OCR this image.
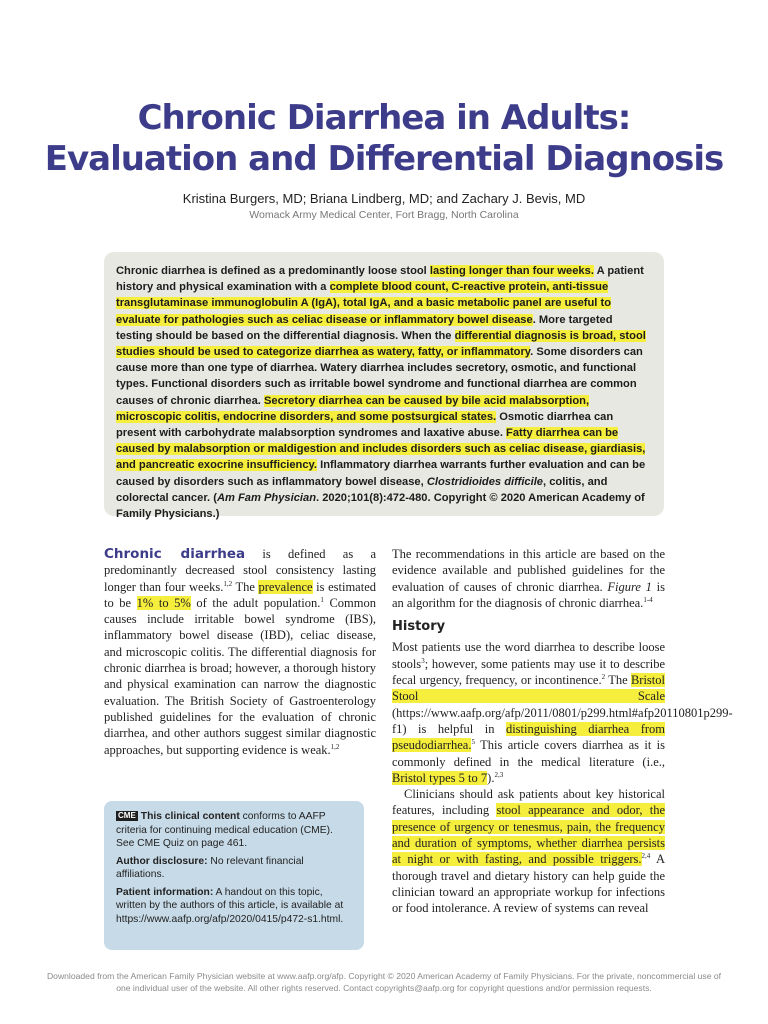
Chronic Diarrhea in Adults:
Evaluation and Differential Diagnosis
Kristina Burgers, MD; Briana Lindberg, MD; and Zachary J. Bevis, MD
Womack Army Medical Center, Fort Bragg, North Carolina

Chronic diarrhea is defined as a predominantly loose stool lasting longer than four weeks. A patient history and physical examination with a complete blood count, C-reactive protein, anti-tissue transglutaminase immunoglobulin A (IgA), total IgA, and a basic metabolic panel are useful to evaluate for pathologies such as celiac disease or inflammatory bowel disease. More targeted testing should be based on the differential diagnosis. When the differential diagnosis is broad, stool studies should be used to categorize diarrhea as watery, fatty, or inflammatory. Some disorders can cause more than one type of diarrhea. Watery diarrhea includes secretory, osmotic, and functional types. Functional disorders such as irritable bowel syndrome and functional diarrhea are common causes of chronic diarrhea. Secretory diarrhea can be caused by bile acid malabsorption, microscopic colitis, endocrine disorders, and some postsurgical states. Osmotic diarrhea can present with carbohydrate malabsorption syndromes and laxative abuse. Fatty diarrhea can be caused by malabsorption or maldigestion and includes disorders such as celiac disease, giardiasis, and pancreatic exocrine insufficiency. Inflammatory diarrhea warrants further evaluation and can be caused by disorders such as inflammatory bowel disease, Clostridioides difficile, colitis, and colorectal cancer. (Am Fam Physician. 2020;101(8):472-480. Copyright © 2020 American Academy of Family Physicians.)

Chronic diarrhea is defined as a predominantly decreased stool consistency lasting longer than four weeks.$^{1,2}$ The prevalence is estimated to be 1% to 5% of the adult population.$^1$ Common causes include irritable bowel syndrome (IBS), inflammatory bowel disease (IBD), celiac disease, and microscopic colitis. The differential diagnosis for chronic diarrhea is broad; however, a thorough history and physical examination can narrow the diagnostic evaluation. The British Society of Gastroenterology published guidelines for the evaluation of chronic diarrhea, and other authors suggest similar diagnostic approaches, but supporting evidence is weak.$^{1,2}$

CME This clinical content conforms to AAFP criteria for continuing medical education (CME). See CME Quiz on page 461.

Author disclosure: No relevant financial affiliations.

Patient information: A handout on this topic, written by the authors of this article, is available at https://www.aafp.org/afp/2020/0415/p472-s1.html.

The recommendations in this article are based on the evidence available and published guidelines for the evaluation of causes of chronic diarrhea. Figure 1 is an algorithm for the diagnosis of chronic diarrhea.$^{1-4}$

History

Most patients use the word diarrhea to describe loose stools$^3$; however, some patients may use it to describe fecal urgency, frequency, or incontinence.$^2$ The Bristol Stool Scale (https://www.aafp.org/afp/2011/0801/p299.html#afp20110801p299-f1) is helpful in distinguishing diarrhea from pseudodiarrhea.$^5$ This article covers diarrhea as it is commonly defined in the medical literature (i.e., Bristol types 5 to 7).$^{2,3}$

Clinicians should ask patients about key historical features, including stool appearance and odor, the presence of urgency or tenesmus, pain, the frequency and duration of symptoms, whether diarrhea persists at night or with fasting, and possible triggers.$^{2,4}$ A thorough travel and dietary history can help guide the clinician toward an appropriate workup for infections or food intolerance. A review of systems can reveal

Downloaded from the American Family Physician website at www.aafp.org/afp. Copyright © 2020 American Academy of Family Physicians. For the private, noncommercial use of one individual user of the website. All other rights reserved. Contact copyrights@aafp.org for copyright questions and/or permission requests.
